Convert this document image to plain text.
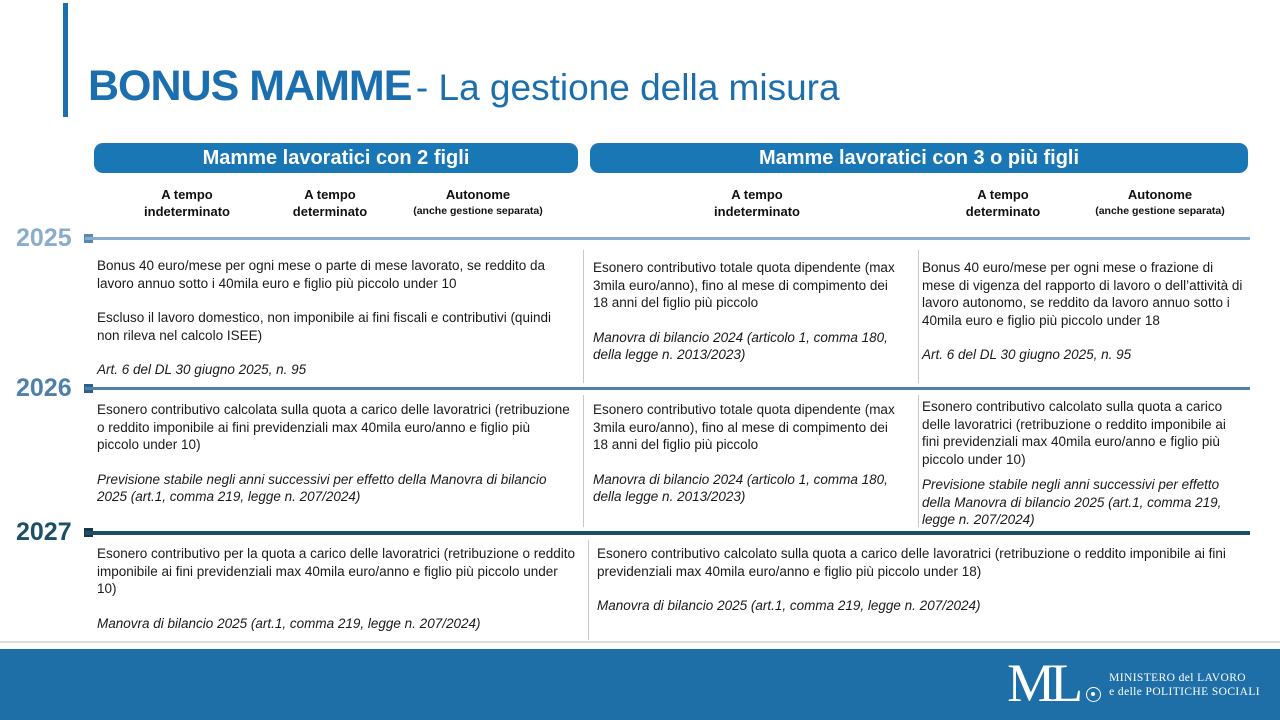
BONUS MAMME - La gestione della misura
Mamme lavoratici con 2 figli	Mamme lavoratici con 3 o più figli
A tempo
indeterminato
A tempo
determinato
Autonome
(anche gestione separata)
A tempo
indeterminato
A tempo
determinato
Autonome
(anche gestione separata)
2025

Bonus 40 euro/mese per ogni mese o parte di mese lavorato, se reddito da lavoro annuo sotto i 40mila euro e figlio più piccolo under 10

Escluso il lavoro domestico, non imponibile ai fini fiscali e contributivi (quindi non rileva nel calcolo ISEE)

Art. 6 del DL 30 giugno 2025, n. 95

Esonero contributivo totale quota dipendente (max 3mila euro/anno), fino al mese di compimento dei 18 anni del figlio più piccolo

Manovra di bilancio 2024 (articolo 1, comma 180, della legge n. 2013/2023)

Bonus 40 euro/mese per ogni mese o frazione di mese di vigenza del rapporto di lavoro o dell’attività di lavoro autonomo, se reddito da lavoro annuo sotto i 40mila euro e figlio più piccolo under 18

Art. 6 del DL 30 giugno 2025, n. 95

2026

Esonero contributivo calcolata sulla quota a carico delle lavoratrici (retribuzione o reddito imponibile ai fini previdenziali max 40mila euro/anno e figlio più piccolo under 10)

Previsione stabile negli anni successivi per effetto della Manovra di bilancio 2025 (art.1, comma 219, legge n. 207/2024)

Esonero contributivo totale quota dipendente (max 3mila euro/anno), fino al mese di compimento dei 18 anni del figlio più piccolo

Manovra di bilancio 2024 (articolo 1, comma 180, della legge n. 2013/2023)

Esonero contributivo calcolato sulla quota a carico delle lavoratrici (retribuzione o reddito imponibile ai fini previdenziali max 40mila euro/anno e figlio più piccolo under 10)

Previsione stabile negli anni successivi per effetto della Manovra di bilancio 2025 (art.1, comma 219, legge n. 207/2024)

2027

Esonero contributivo per la quota a carico delle lavoratrici (retribuzione o reddito imponibile ai fini previdenziali max 40mila euro/anno e figlio più piccolo under 10)

Manovra di bilancio 2025 (art.1, comma 219, legge n. 207/2024)

Esonero contributivo calcolato sulla quota a carico delle lavoratrici (retribuzione o reddito imponibile ai fini previdenziali max 40mila euro/anno e figlio più piccolo under 18)

Manovra di bilancio 2025 (art.1, comma 219, legge n. 207/2024)

ML	MINISTERO del LAVORO
e delle POLITICHE SOCIALI
